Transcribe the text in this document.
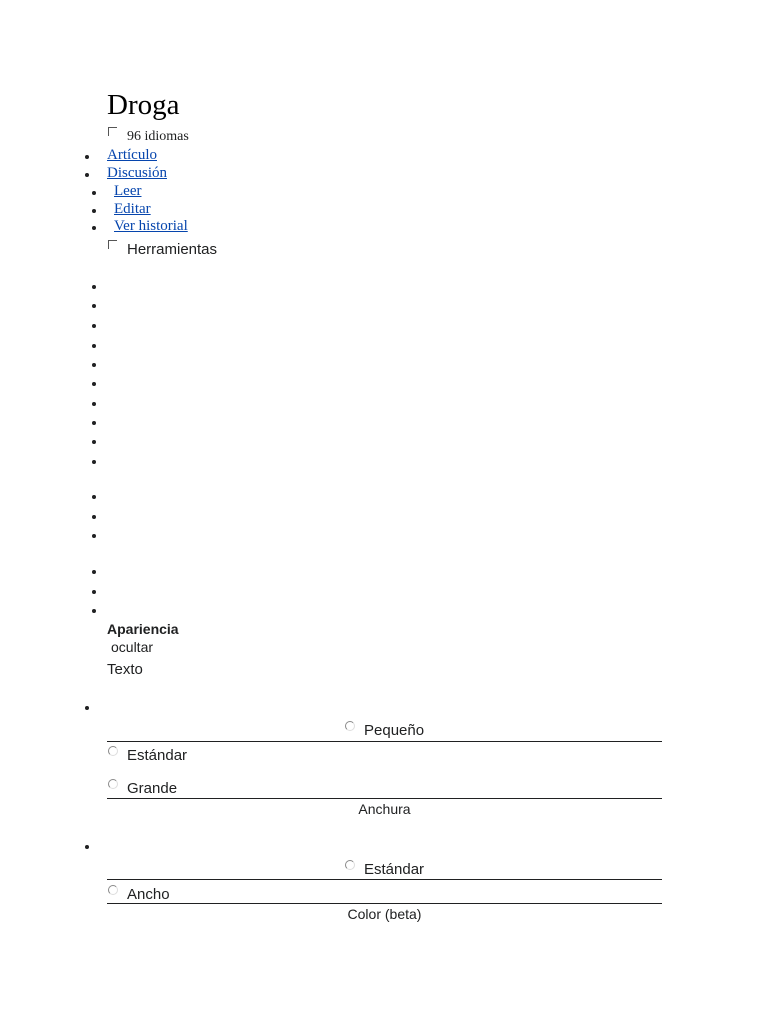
Droga
96 idiomas
Artículo
Discusión
Leer
Editar
Ver historial
Herramientas
Apariencia
ocultar
Texto
Pequeño
Estándar
Grande
Anchura
Estándar
Ancho
Color (beta)
